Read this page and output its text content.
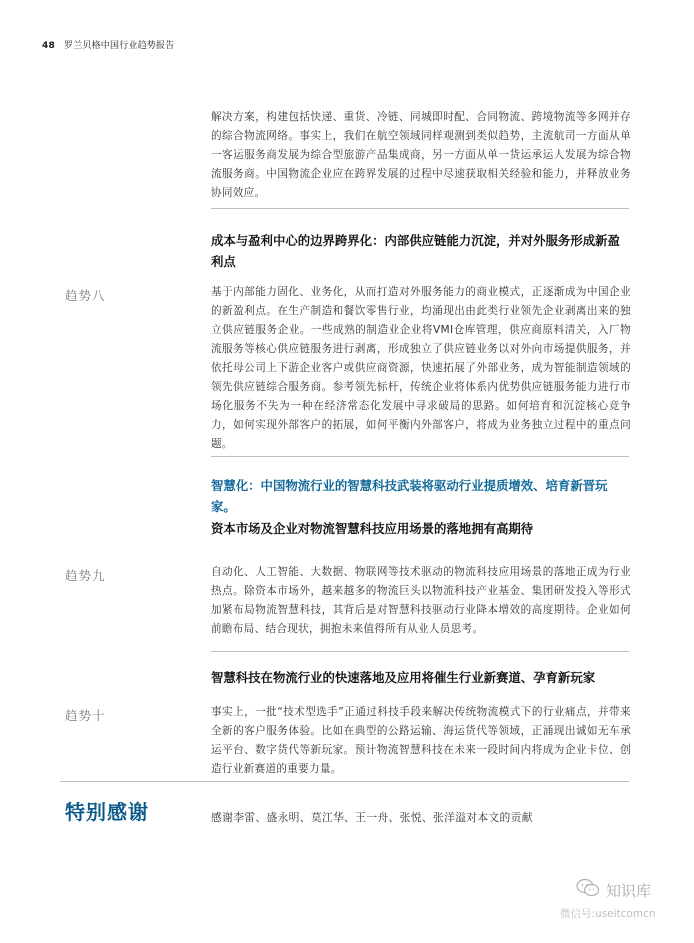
48 罗兰贝格中国行业趋势报告
解决方案，构建包括快递、重货、冷链、同城即时配、合同物流、跨境物流等多网并存的综合物流网络。事实上，我们在航空领域同样观测到类似趋势，主流航司一方面从单一客运服务商发展为综合型旅游产品集成商，另一方面从单一货运承运人发展为综合物流服务商。中国物流企业应在跨界发展的过程中尽速获取相关经验和能力，并释放业务协同效应。
成本与盈利中心的边界跨界化：内部供应链能力沉淀，并对外服务形成新盈利点
趋势八	基于内部能力固化、业务化，从而打造对外服务能力的商业模式，正逐渐成为中国企业的新盈利点。在生产制造和餐饮零售行业，均涌现出由此类行业领先企业剥离出来的独立供应链服务企业。一些成熟的制造业企业将VMI仓库管理，供应商原料清关，入厂物流服务等核心供应链服务进行剥离，形成独立了供应链业务以对外向市场提供服务，并依托母公司上下游企业客户或供应商资源，快速拓展了外部业务，成为智能制造领域的领先供应链综合服务商。参考领先标杆，传统企业将体系内优势供应链服务能力进行市场化服务不失为一种在经济常态化发展中寻求破局的思路。如何培育和沉淀核心竞争力，如何实现外部客户的拓展，如何平衡内外部客户，将成为业务独立过程中的重点问题。
智慧化：中国物流行业的智慧科技武装将驱动行业提质增效、培育新晋玩家。
资本市场及企业对物流智慧科技应用场景的落地拥有高期待
趋势九	自动化、人工智能、大数据、物联网等技术驱动的物流科技应用场景的落地正成为行业热点。除资本市场外，越来越多的物流巨头以物流科技产业基金、集团研发投入等形式加紧布局物流智慧科技，其背后是对智慧科技驱动行业降本增效的高度期待。企业如何前瞻布局、结合现状，拥抱未来值得所有从业人员思考。
智慧科技在物流行业的快速落地及应用将催生行业新赛道、孕育新玩家
趋势十	事实上，一批“技术型选手”正通过科技手段来解决传统物流模式下的行业痛点，并带来全新的客户服务体验。比如在典型的公路运输、海运货代等领域，正涌现出诚如无车承运平台、数字货代等新玩家。预计物流智慧科技在未来一段时间内将成为企业卡位、创造行业新赛道的重要力量。
特别感谢	感谢李雷、盛永明、莫江华、王一舟、张悦、张洋溢对本文的贡献
知识库
微信号:useitcomcn
